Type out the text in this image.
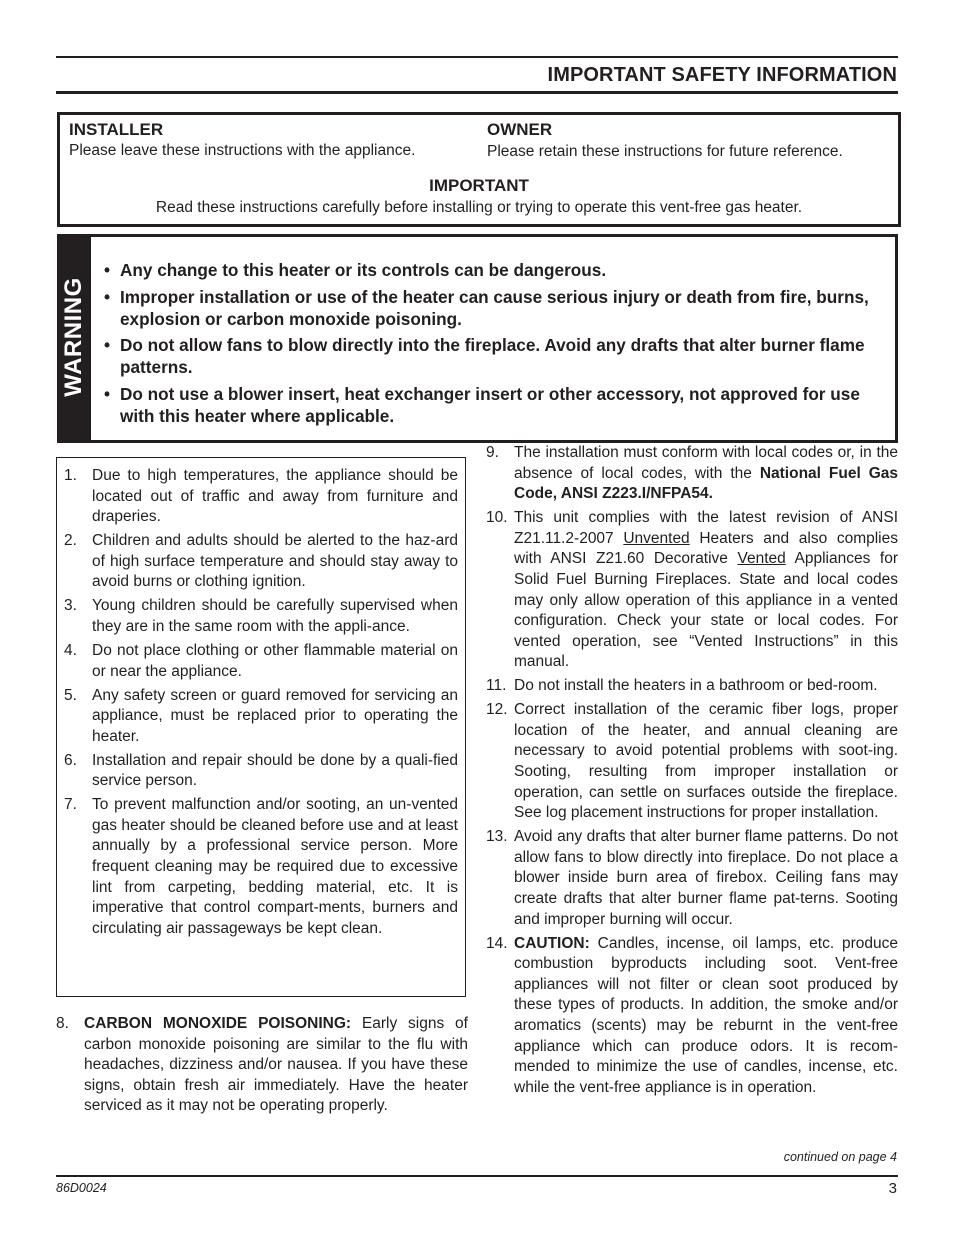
IMPORTANT SAFETY INFORMATION
INSTALLER
Please leave these instructions with the appliance.
OWNER
Please retain these instructions for future reference.
IMPORTANT
Read these instructions carefully before installing or trying to operate this vent-free gas heater.
WARNING
• Any change to this heater or its controls can be dangerous.
• Improper installation or use of the heater can cause serious injury or death from fire, burns, explosion or carbon monoxide poisoning.
• Do not allow fans to blow directly into the fireplace. Avoid any drafts that alter burner flame patterns.
• Do not use a blower insert, heat exchanger insert or other accessory, not approved for use with this heater where applicable.
1. Due to high temperatures, the appliance should be located out of traffic and away from furniture and draperies.
2. Children and adults should be alerted to the haz-ard of high surface temperature and should stay away to avoid burns or clothing ignition.
3. Young children should be carefully supervised when they are in the same room with the appli-ance.
4. Do not place clothing or other flammable material on or near the appliance.
5. Any safety screen or guard removed for servicing an appliance, must be replaced prior to operating the heater.
6. Installation and repair should be done by a quali-fied service person.
7. To prevent malfunction and/or sooting, an un-vented gas heater should be cleaned before use and at least annually by a professional service person. More frequent cleaning may be required due to excessive lint from carpeting, bedding material, etc. It is imperative that control compart-ments, burners and circulating air passageways be kept clean.
8. CARBON MONOXIDE POISONING: Early signs of carbon monoxide poisoning are similar to the flu with headaches, dizziness and/or nausea. If you have these signs, obtain fresh air immediately. Have the heater serviced as it may not be operating properly.
9. The installation must conform with local codes or, in the absence of local codes, with the National Fuel Gas Code, ANSI Z223.I/NFPA54.
10. This unit complies with the latest revision of ANSI Z21.11.2-2007 Unvented Heaters and also complies with ANSI Z21.60 Decorative Vented Appliances for Solid Fuel Burning Fireplaces. State and local codes may only allow operation of this appliance in a vented configuration. Check your state or local codes. For vented operation, see “Vented Instructions” in this manual.
11. Do not install the heaters in a bathroom or bed-room.
12. Correct installation of the ceramic fiber logs, proper location of the heater, and annual cleaning are necessary to avoid potential problems with soot-ing. Sooting, resulting from improper installation or operation, can settle on surfaces outside the fireplace. See log placement instructions for proper installation.
13. Avoid any drafts that alter burner flame patterns. Do not allow fans to blow directly into fireplace. Do not place a blower inside burn area of firebox. Ceiling fans may create drafts that alter burner flame pat-terns. Sooting and improper burning will occur.
14. CAUTION: Candles, incense, oil lamps, etc. produce combustion byproducts including soot. Vent-free appliances will not filter or clean soot produced by these types of products. In addition, the smoke and/or aromatics (scents) may be reburnt in the vent-free appliance which can produce odors. It is recom-mended to minimize the use of candles, incense, etc. while the vent-free appliance is in operation.
continued on page 4
86D0024	3
